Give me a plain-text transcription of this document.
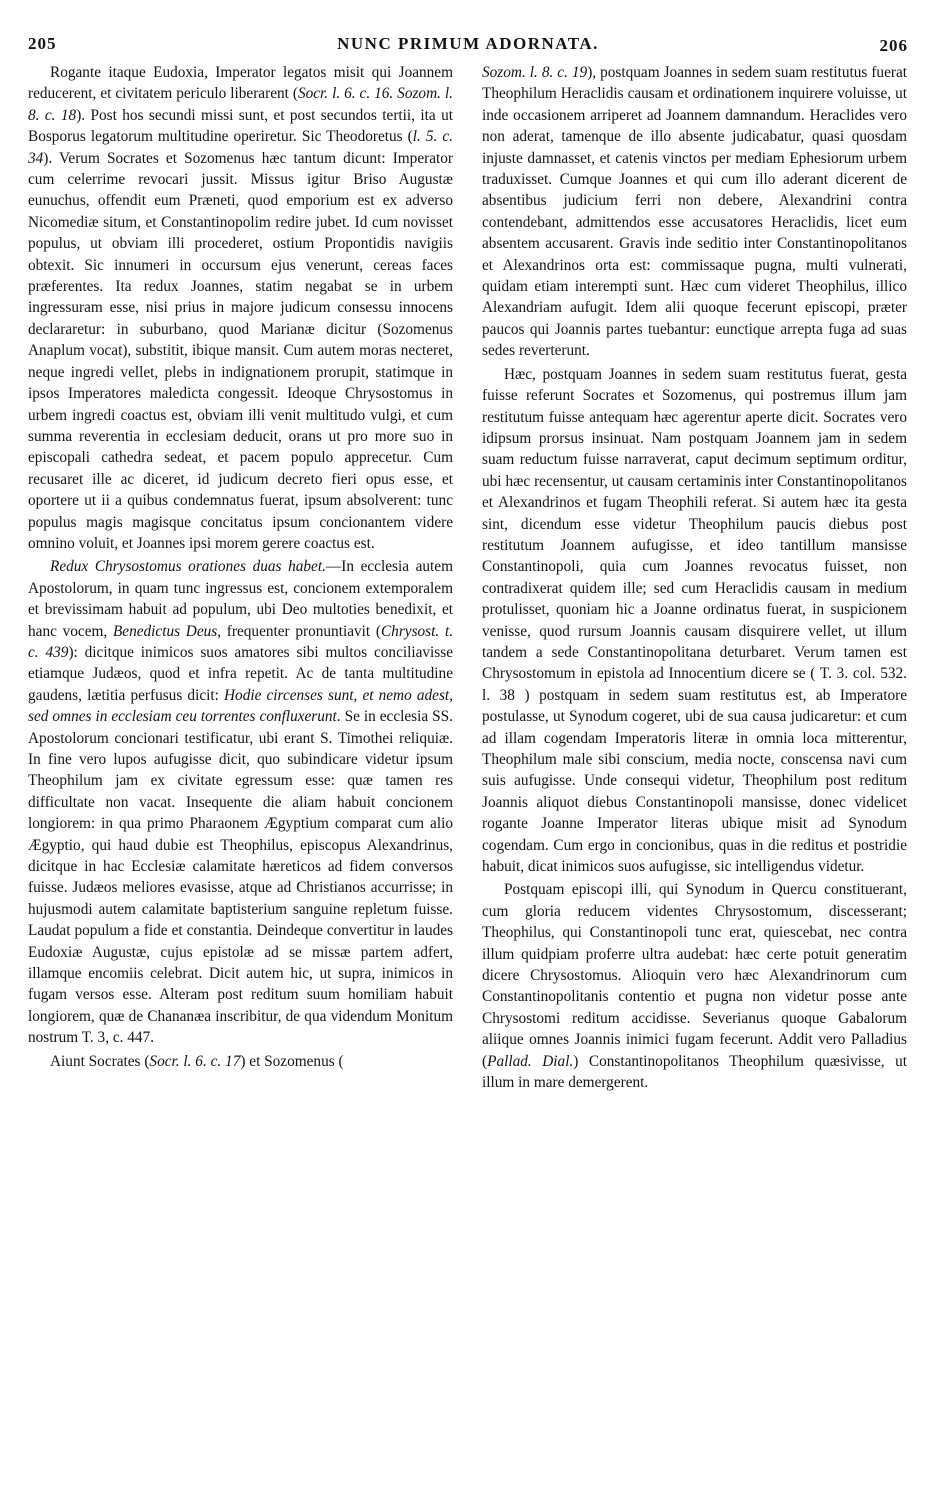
205	NUNC PRIMUM ADORNATA.	206

Rogante itaque Eudoxia, Imperator legatos misit qui Joannem reducerent, et civitatem periculo liberarent (Socr. l. 6. c. 16. Sozom. l. 8. c. 18). Post hos secundi missi sunt, et post secundos tertii, ita ut Bosporus legatorum multitudine operiretur. Sic Theodoretus (l. 5. c. 34). Verum Socrates et Sozomenus hæc tantum dicunt: Imperator cum celerrime revocari jussit. Missus igitur Briso Augustæ eunuchus, offendit eum Præneti, quod emporium est ex adverso Nicomediæ situm, et Constantinopolim redire jubet. Id cum novisset populus, ut obviam illi procederet, ostium Propontidis navigiis obtexit. Sic innumeri in occursum ejus venerunt, cereas faces præferentes. Ita redux Joannes, statim negabat se in urbem ingressuram esse, nisi prius in majore judicum consessu innocens declararetur: in suburbano, quod Marianæ dicitur (Sozomenus Anaplum vocat), substitit, ibique mansit. Cum autem moras necteret, neque ingredi vellet, plebs in indignationem prorupit, statimque in ipsos Imperatores maledicta congessit. Ideoque Chrysostomus in urbem ingredi coactus est, obviam illi venit multitudo vulgi, et cum summa reverentia in ecclesiam deducit, orans ut pro more suo in episcopali cathedra sedeat, et pacem populo apprecetur. Cum recusaret ille ac diceret, id judicum decreto fieri opus esse, et oportere ut ii a quibus condemnatus fuerat, ipsum absolverent: tunc populus magis magisque concitatus ipsum concionantem videre omnino voluit, et Joannes ipsi morem gerere coactus est.

Redux Chrysostomus orationes duas habet.—In ecclesia autem Apostolorum, in quam tunc ingressus est, concionem extemporalem et brevissimam habuit ad populum, ubi Deo multoties benedixit, et hanc vocem, Benedictus Deus, frequenter pronuntiavit (Chrysost. t. c. 439): dicitque inimicos suos amatores sibi multos conciliavisse etiamque Judæos, quod et infra repetit. Ac de tanta multitudine gaudens, lætitia perfusus dicit: Hodie circenses sunt, et nemo adest, sed omnes in ecclesiam ceu torrentes confluxerunt. Se in ecclesia SS. Apostolorum concionari testificatur, ubi erant S. Timothei reliquiæ. In fine vero lupos aufugisse dicit, quo subindicare videtur ipsum Theophilum jam ex civitate egressum esse: quæ tamen res difficultate non vacat. Insequente die aliam habuit concionem longiorem: in qua primo Pharaonem Ægyptium comparat cum alio Ægyptio, qui haud dubie est Theophilus, episcopus Alexandrinus, dicitque in hac Ecclesiæ calamitate hæreticos ad fidem conversos fuisse. Judæos meliores evasisse, atque ad Christianos accurrisse; in hujusmodi autem calamitate baptisterium sanguine repletum fuisse. Laudat populum a fide et constantia. Deindeque convertitur in laudes Eudoxiæ Augustæ, cujus epistolæ ad se missæ partem adfert, illamque encomiis celebrat. Dicit autem hic, ut supra, inimicos in fugam versos esse. Alteram post reditum suum homiliam habuit longiorem, quæ de Chananæa inscribitur, de qua videndum Monitum nostrum T. 3, c. 447.

Aiunt Socrates (Socr. l. 6. c. 17) et Sozomenus (

Sozom. l. 8. c. 19), postquam Joannes in sedem suam restitutus fuerat Theophilum Heraclidis causam et ordinationem inquirere voluisse, ut inde occasionem arriperet ad Joannem damnandum. Heraclides vero non aderat, tamenque de illo absente judicabatur, quasi quosdam injuste damnasset, et catenis vinctos per mediam Ephesiorum urbem traduxisset. Cumque Joannes et qui cum illo aderant dicerent de absentibus judicium ferri non debere, Alexandrini contra contendebant, admittendos esse accusatores Heraclidis, licet eum absentem accusarent. Gravis inde seditio inter Constantinopolitanos et Alexandrinos orta est: commissaque pugna, multi vulnerati, quidam etiam interempti sunt. Hæc cum videret Theophilus, illico Alexandriam aufugit. Idem alii quoque fecerunt episcopi, præter paucos qui Joannis partes tuebantur: eunctique arrepta fuga ad suas sedes reverterunt.

Hæc, postquam Joannes in sedem suam restitutus fuerat, gesta fuisse referunt Socrates et Sozomenus, qui postremus illum jam restitutum fuisse antequam hæc agerentur aperte dicit. Socrates vero idipsum prorsus insinuat. Nam postquam Joannem jam in sedem suam reductum fuisse narraverat, caput decimum septimum orditur, ubi hæc recensentur, ut causam certaminis inter Constantinopolitanos et Alexandrinos et fugam Theophili referat. Si autem hæc ita gesta sint, dicendum esse videtur Theophilum paucis diebus post restitutum Joannem aufugisse, et ideo tantillum mansisse Constantinopoli, quia cum Joannes revocatus fuisset, non contradixerat quidem ille; sed cum Heraclidis causam in medium protulisset, quoniam hic a Joanne ordinatus fuerat, in suspicionem venisse, quod rursum Joannis causam disquirere vellet, ut illum tandem a sede Constantinopolitana deturbaret. Verum tamen est Chrysostomum in epistola ad Innocentium dicere se ( T. 3. col. 532. l. 38 ) postquam in sedem suam restitutus est, ab Imperatore postulasse, ut Synodum cogeret, ubi de sua causa judicaretur: et cum ad illam cogendam Imperatoris literæ in omnia loca mitterentur, Theophilum male sibi conscium, media nocte, conscensa navi cum suis aufugisse. Unde consequi videtur, Theophilum post reditum Joannis aliquot diebus Constantinopoli mansisse, donec videlicet rogante Joanne Imperator literas ubique misit ad Synodum cogendam. Cum ergo in concionibus, quas in die reditus et postridie habuit, dicat inimicos suos aufugisse, sic intelligendus videtur.

Postquam episcopi illi, qui Synodum in Quercu constituerant, cum gloria reducem videntes Chrysostomum, discesserant; Theophilus, qui Constantinopoli tunc erat, quiescebat, nec contra illum quidpiam proferre ultra audebat: hæc certe potuit generatim dicere Chrysostomus. Alioquin vero hæc Alexandrinorum cum Constantinopolitanis contentio et pugna non videtur posse ante Chrysostomi reditum accidisse. Severianus quoque Gabalorum aliique omnes Joannis inimici fugam fecerunt. Addit vero Palladius (Pallad. Dial.) Constantinopolitanos Theophilum quæsivisse, ut illum in mare demergerent.
